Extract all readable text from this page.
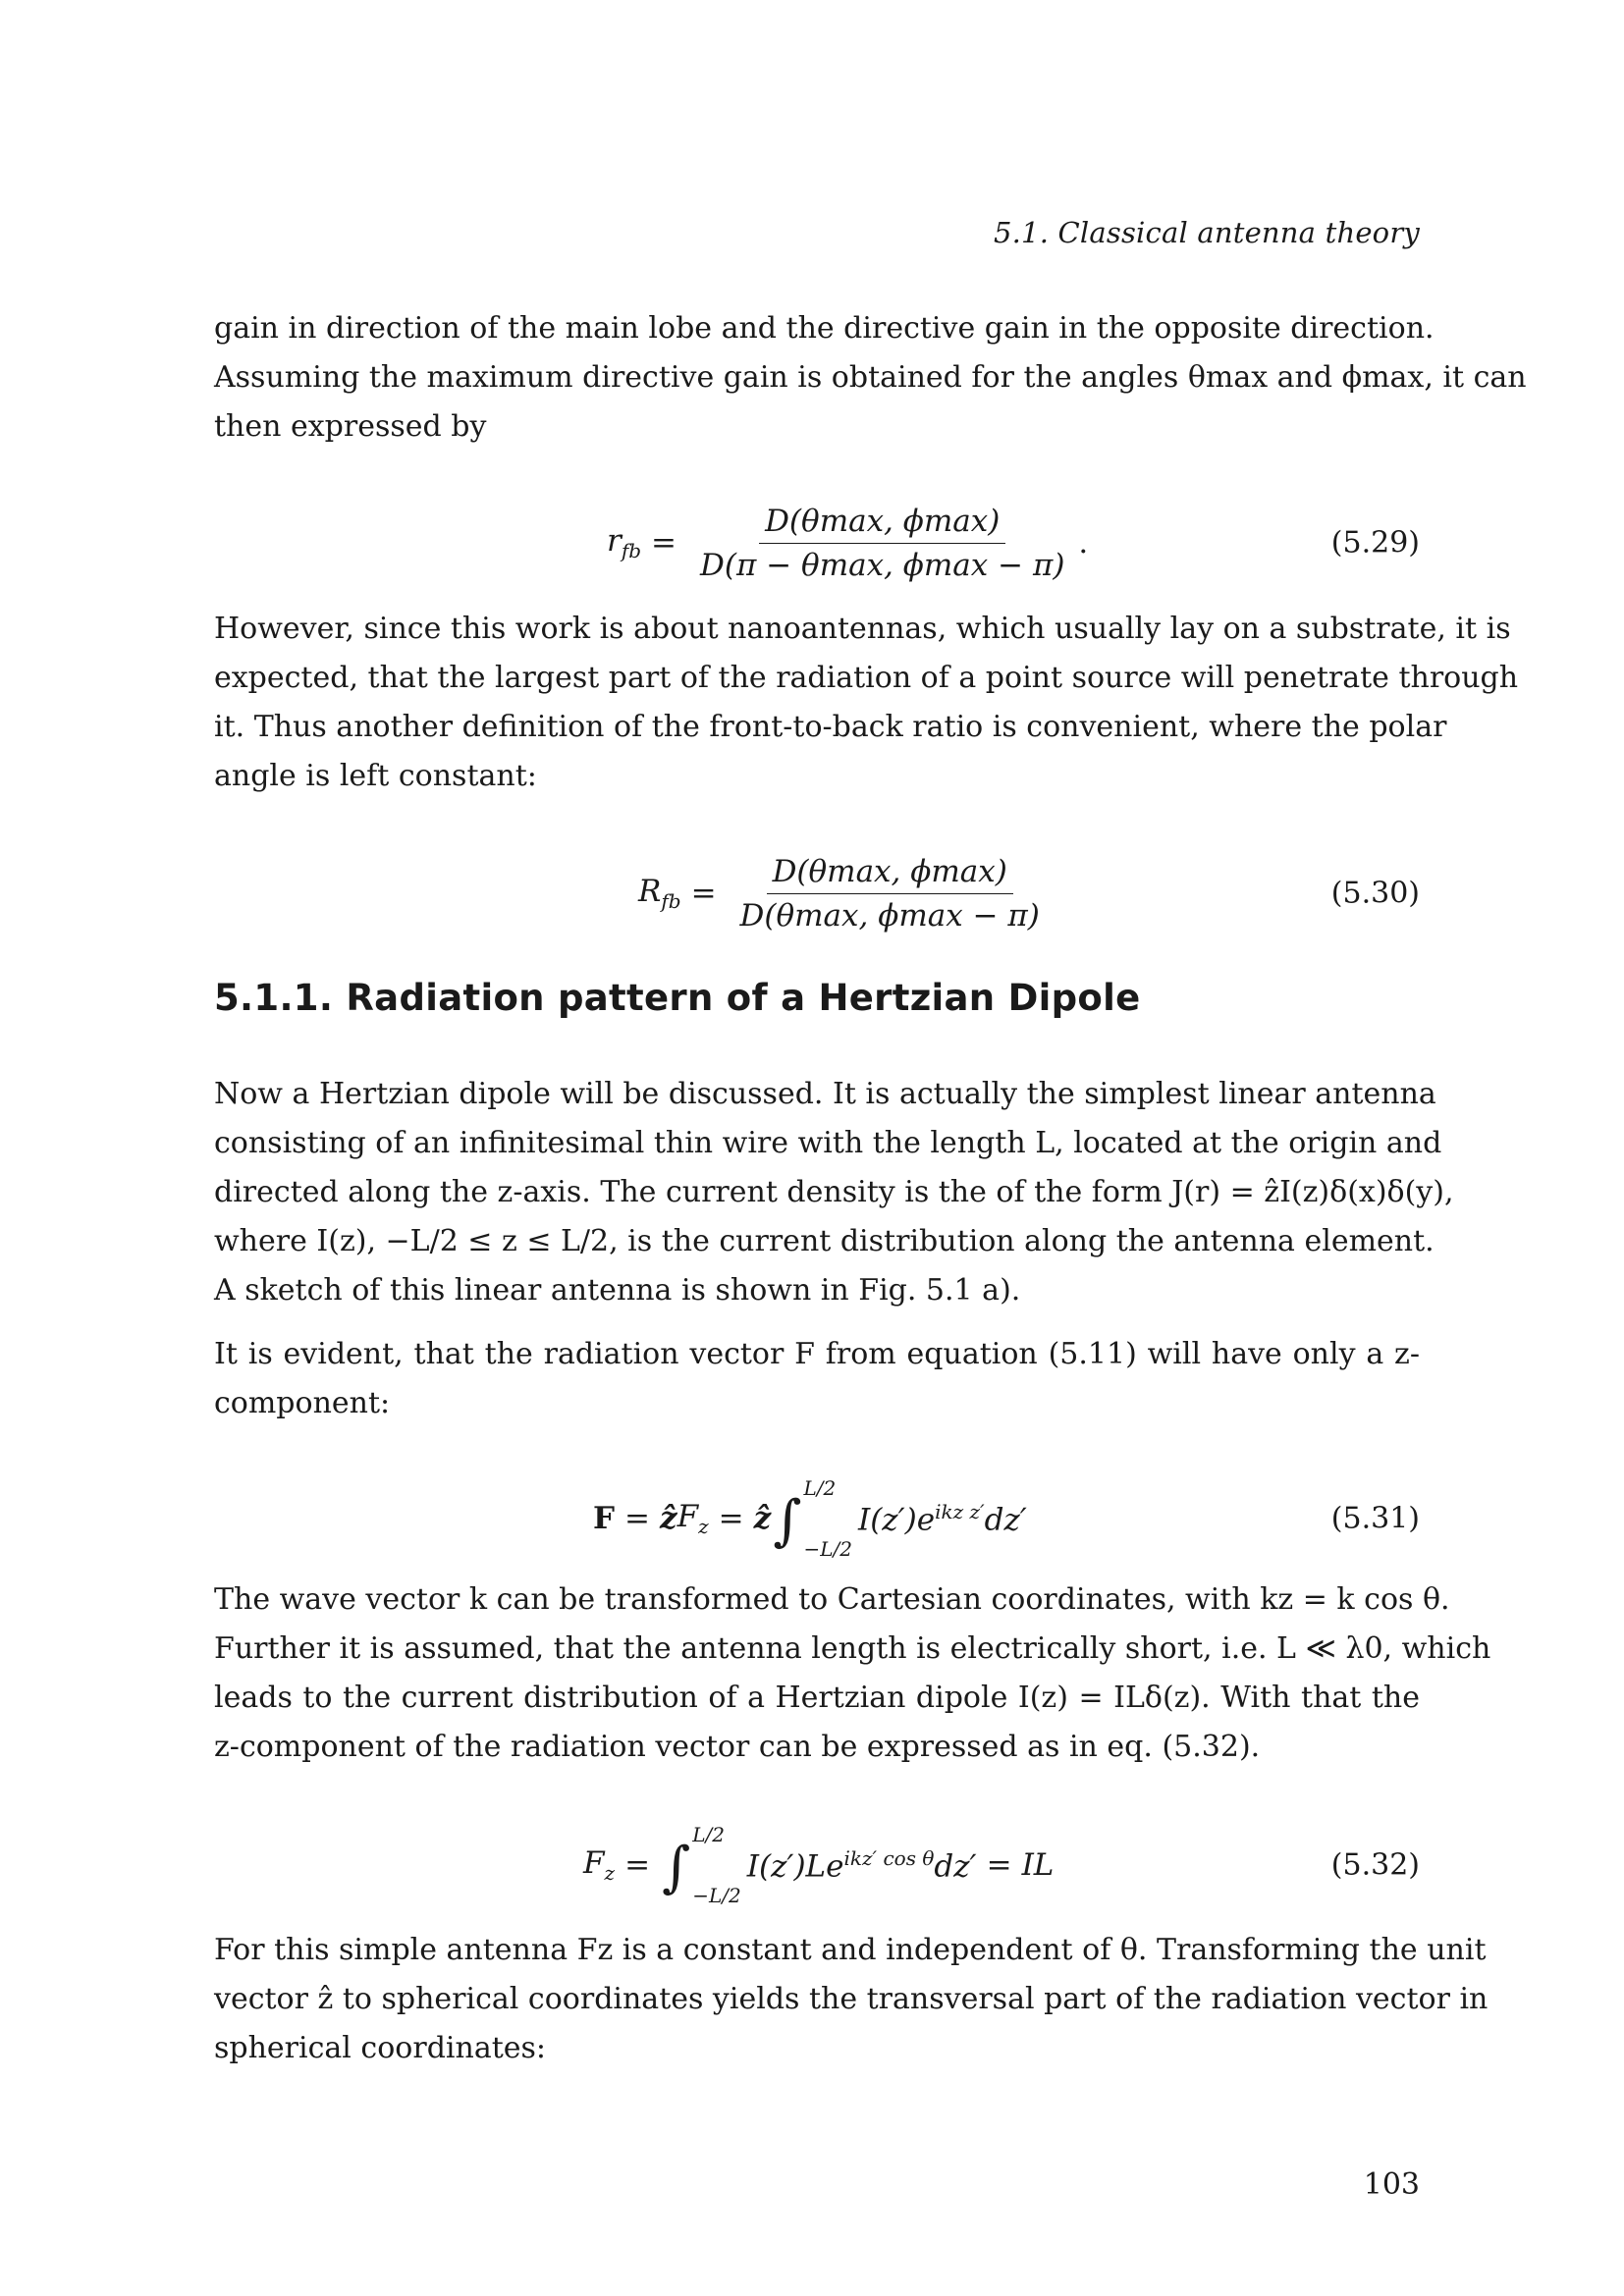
5.1. Classical antenna theory

gain in direction of the main lobe and the directive gain in the opposite direction.
Assuming the maximum directive gain is obtained for the angles θmax and ϕmax, it can
then expressed by

$r_{fb} = \frac{D(\theta\max, \phi\max)}{D(\pi - \theta\max, \phi\max - \pi)}$ .	(5.29)

However, since this work is about nanoantennas, which usually lay on a substrate, it is
expected, that the largest part of the radiation of a point source will penetrate through
it. Thus another definition of the front-to-back ratio is convenient, where the polar
angle is left constant:

$R_{fb} = \frac{D(\theta\max, \phi\max)}{D(\theta\max, \phi\max - \pi)}$	(5.30)
5.1.1. Radiation pattern of a Hertzian Dipole

Now a Hertzian dipole will be discussed. It is actually the simplest linear antenna
consisting of an infinitesimal thin wire with the length L, located at the origin and
directed along the z-axis. The current density is the of the form J(r) = ẑI(z)δ(x)δ(y),
where I(z), −L/2 ≤ z ≤ L/2, is the current distribution along the antenna element.
A sketch of this linear antenna is shown in Fig. 5.1 a).

It is evident, that the radiation vector F from equation (5.11) will have only a z-
component:

F = ẑ $F_z$ = ẑ ∫
L/2
−L/2
$I(z')e^{ikz z'}dz'$	(5.31)

The wave vector k can be transformed to Cartesian coordinates, with kz = k cos θ.
Further it is assumed, that the antenna length is electrically short, i.e. L ≪ λ0, which
leads to the current distribution of a Hertzian dipole I(z) = ILδ(z). With that the
z-component of the radiation vector can be expressed as in eq. (5.32).

$F_z$ = ∫
L/2
−L/2
$I(z')Le^{ikz' cos \theta}dz'$ = IL	(5.32)

For this simple antenna Fz is a constant and independent of θ. Transforming the unit
vector ẑ to spherical coordinates yields the transversal part of the radiation vector in
spherical coordinates:

103
